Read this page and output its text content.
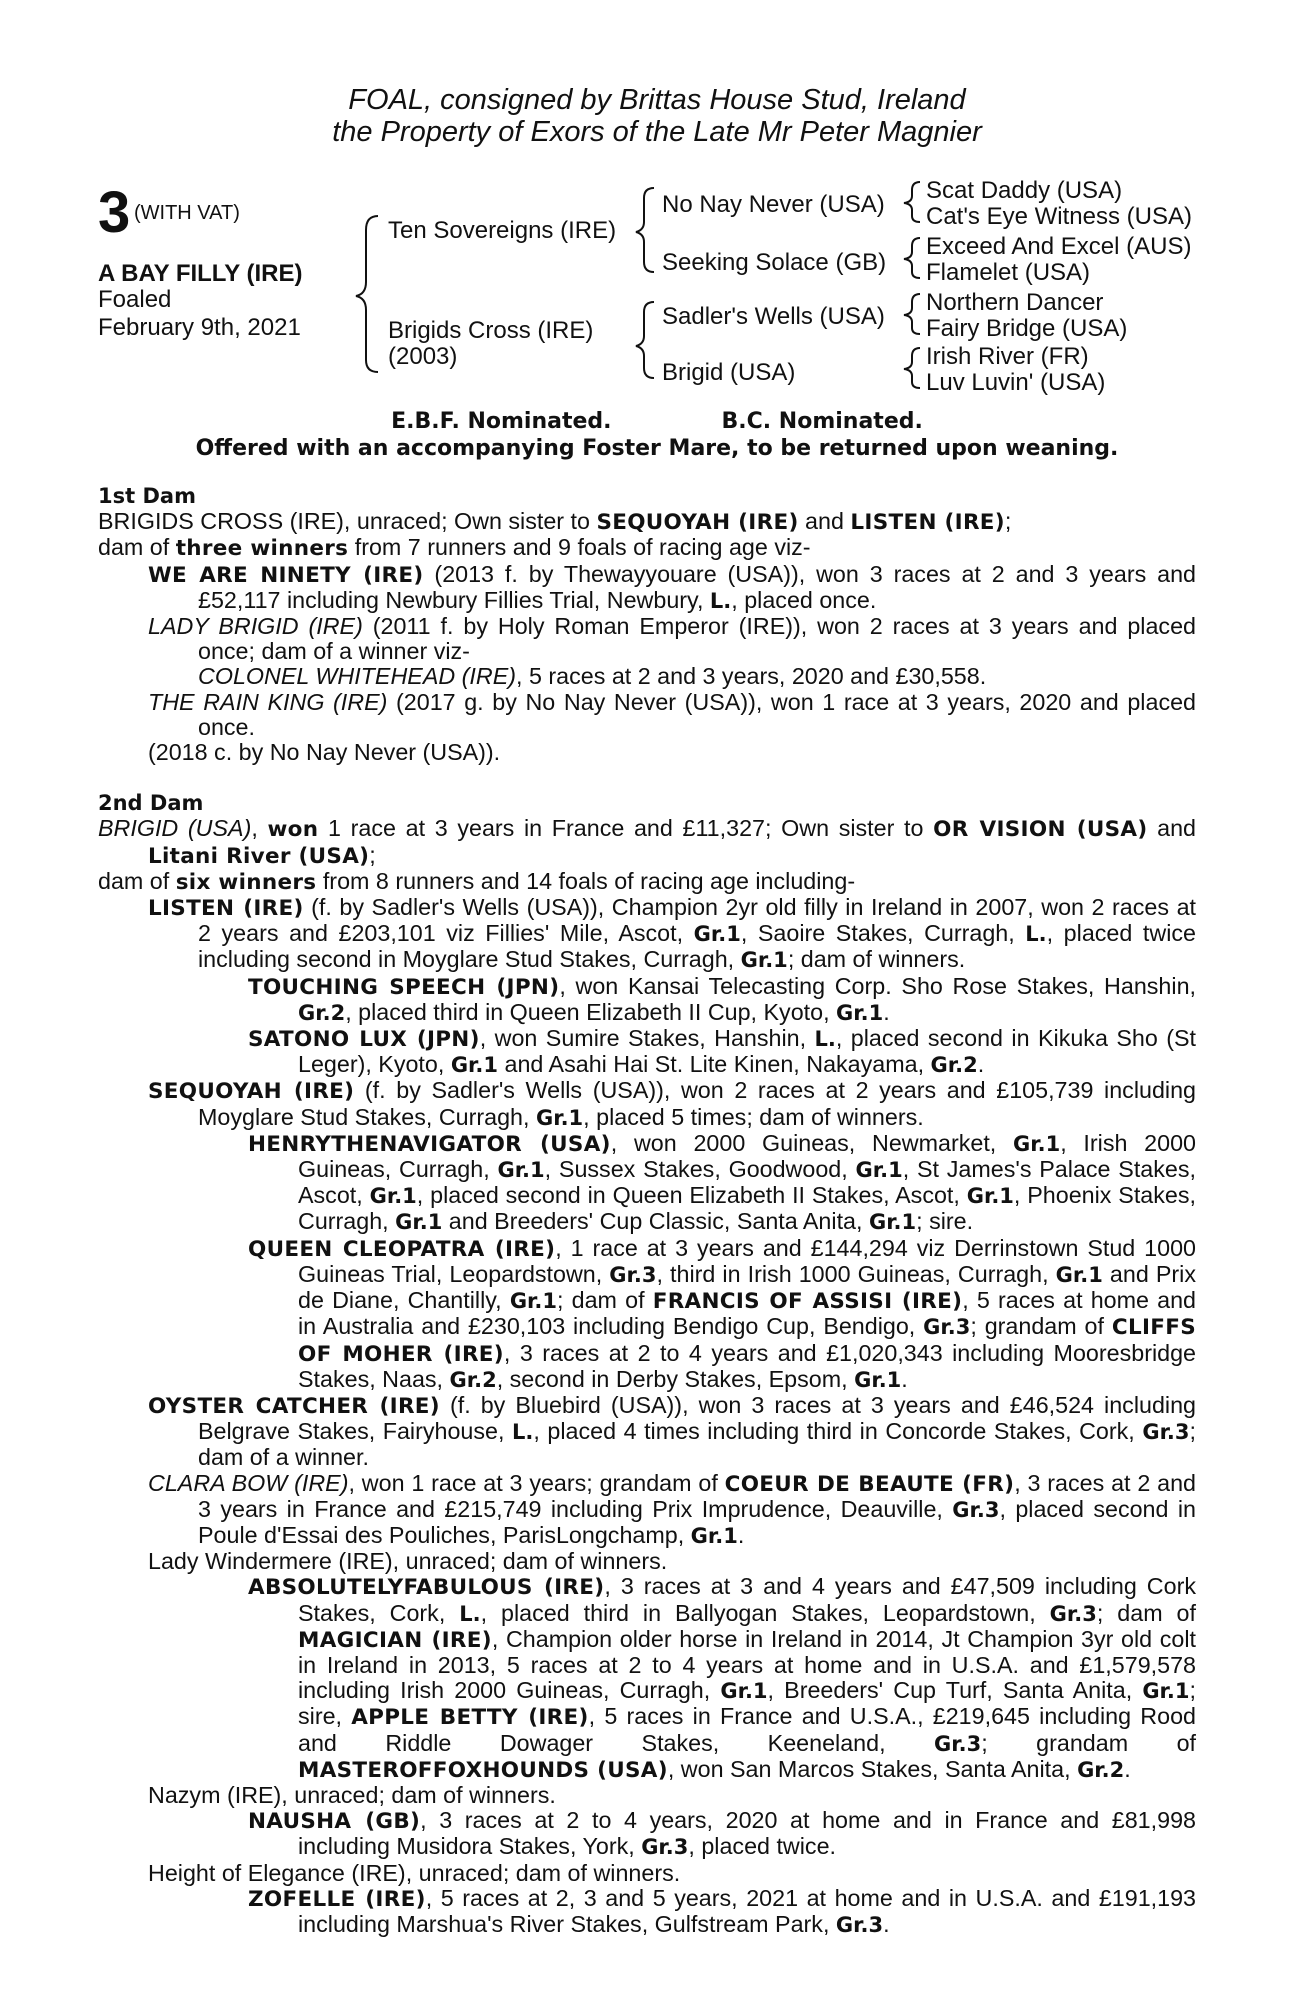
FOAL, consigned by Brittas House Stud, Ireland
the Property of Exors of the Late Mr Peter Magnier
3 (WITH VAT)
A BAY FILLY (IRE)
Foaled
February 9th, 2021
Ten Sovereigns (IRE)
Brigids Cross (IRE)
(2003)
No Nay Never (USA)
Seeking Solace (GB)
Sadler's Wells (USA)
Brigid (USA)
Scat Daddy (USA)
Cat's Eye Witness (USA)
Exceed And Excel (AUS)
Flamelet (USA)
Northern Dancer
Fairy Bridge (USA)
Irish River (FR)
Luv Luvin' (USA)
E.B.F. Nominated.	B.C. Nominated.
Offered with an accompanying Foster Mare, to be returned upon weaning.

1st Dam

BRIGIDS CROSS (IRE), unraced; Own sister to SEQUOYAH (IRE) and LISTEN (IRE);

dam of three winners from 7 runners and 9 foals of racing age viz-

WE ARE NINETY (IRE) (2013 f. by Thewayyouare (USA)), won 3 races at 2 and 3 years and £52,117 including Newbury Fillies Trial, Newbury, L., placed once.

LADY BRIGID (IRE) (2011 f. by Holy Roman Emperor (IRE)), won 2 races at 3 years and placed once; dam of a winner viz-

COLONEL WHITEHEAD (IRE), 5 races at 2 and 3 years, 2020 and £30,558.

THE RAIN KING (IRE) (2017 g. by No Nay Never (USA)), won 1 race at 3 years, 2020 and placed once.

(2018 c. by No Nay Never (USA)).

2nd Dam

BRIGID (USA), won 1 race at 3 years in France and £11,327; Own sister to OR VISION (USA) and Litani River (USA);

dam of six winners from 8 runners and 14 foals of racing age including-

LISTEN (IRE) (f. by Sadler's Wells (USA)), Champion 2yr old filly in Ireland in 2007, won 2 races at 2 years and £203,101 viz Fillies' Mile, Ascot, Gr.1, Saoire Stakes, Curragh, L., placed twice including second in Moyglare Stud Stakes, Curragh, Gr.1; dam of winners.

TOUCHING SPEECH (JPN), won Kansai Telecasting Corp. Sho Rose Stakes, Hanshin, Gr.2, placed third in Queen Elizabeth II Cup, Kyoto, Gr.1.

SATONO LUX (JPN), won Sumire Stakes, Hanshin, L., placed second in Kikuka Sho (St Leger), Kyoto, Gr.1 and Asahi Hai St. Lite Kinen, Nakayama, Gr.2.

SEQUOYAH (IRE) (f. by Sadler's Wells (USA)), won 2 races at 2 years and £105,739 including Moyglare Stud Stakes, Curragh, Gr.1, placed 5 times; dam of winners.

HENRYTHENAVIGATOR (USA), won 2000 Guineas, Newmarket, Gr.1, Irish 2000 Guineas, Curragh, Gr.1, Sussex Stakes, Goodwood, Gr.1, St James's Palace Stakes, Ascot, Gr.1, placed second in Queen Elizabeth II Stakes, Ascot, Gr.1, Phoenix Stakes, Curragh, Gr.1 and Breeders' Cup Classic, Santa Anita, Gr.1; sire.

QUEEN CLEOPATRA (IRE), 1 race at 3 years and £144,294 viz Derrinstown Stud 1000 Guineas Trial, Leopardstown, Gr.3, third in Irish 1000 Guineas, Curragh, Gr.1 and Prix de Diane, Chantilly, Gr.1; dam of FRANCIS OF ASSISI (IRE), 5 races at home and in Australia and £230,103 including Bendigo Cup, Bendigo, Gr.3; grandam of CLIFFS OF MOHER (IRE), 3 races at 2 to 4 years and £1,020,343 including Mooresbridge Stakes, Naas, Gr.2, second in Derby Stakes, Epsom, Gr.1.

OYSTER CATCHER (IRE) (f. by Bluebird (USA)), won 3 races at 3 years and £46,524 including Belgrave Stakes, Fairyhouse, L., placed 4 times including third in Concorde Stakes, Cork, Gr.3; dam of a winner.

CLARA BOW (IRE), won 1 race at 3 years; grandam of COEUR DE BEAUTE (FR), 3 races at 2 and 3 years in France and £215,749 including Prix Imprudence, Deauville, Gr.3, placed second in Poule d'Essai des Pouliches, ParisLongchamp, Gr.1.

Lady Windermere (IRE), unraced; dam of winners.

ABSOLUTELYFABULOUS (IRE), 3 races at 3 and 4 years and £47,509 including Cork Stakes, Cork, L., placed third in Ballyogan Stakes, Leopardstown, Gr.3; dam of MAGICIAN (IRE), Champion older horse in Ireland in 2014, Jt Champion 3yr old colt in Ireland in 2013, 5 races at 2 to 4 years at home and in U.S.A. and £1,579,578 including Irish 2000 Guineas, Curragh, Gr.1, Breeders' Cup Turf, Santa Anita, Gr.1; sire, APPLE BETTY (IRE), 5 races in France and U.S.A., £219,645 including Rood and Riddle Dowager Stakes, Keeneland, Gr.3; grandam of MASTEROFFOXHOUNDS (USA), won San Marcos Stakes, Santa Anita, Gr.2.

Nazym (IRE), unraced; dam of winners.

NAUSHA (GB), 3 races at 2 to 4 years, 2020 at home and in France and £81,998 including Musidora Stakes, York, Gr.3, placed twice.

Height of Elegance (IRE), unraced; dam of winners.

ZOFELLE (IRE), 5 races at 2, 3 and 5 years, 2021 at home and in U.S.A. and £191,193 including Marshua's River Stakes, Gulfstream Park, Gr.3.
